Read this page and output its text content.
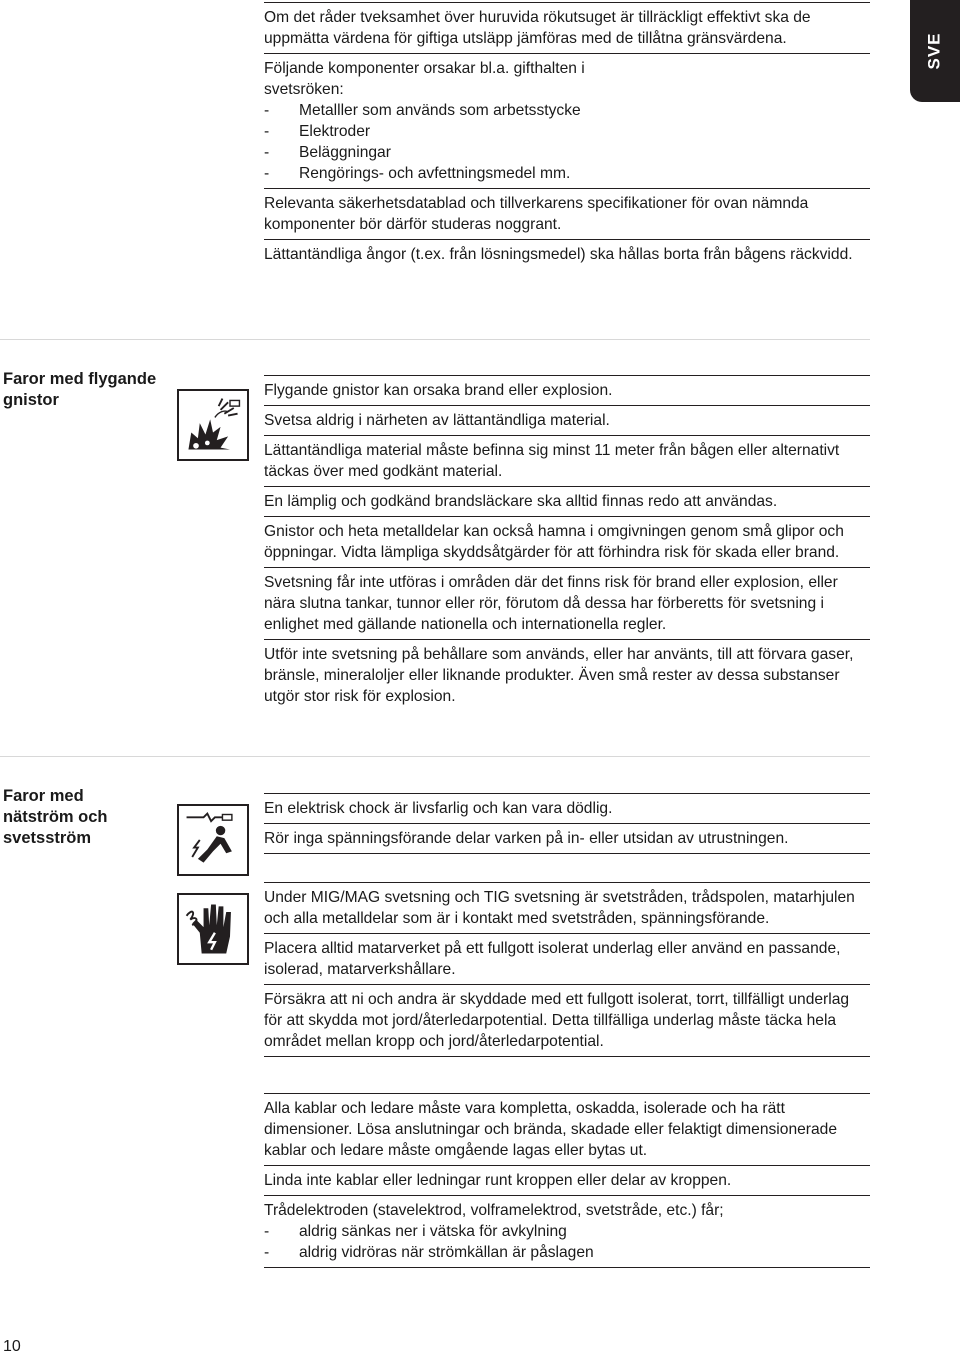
SVE

Om det råder tveksamhet över huruvida rökutsuget är tillräckligt effektivt ska de uppmätta värdena för giftiga utsläpp jämföras med de tillåtna gränsvärdena.

Följande komponenter orsakar bl.a. gifthalten i svetsröken:
- Metalller som används som arbetsstycke
- Elektroder
- Beläggningar
- Rengörings- och avfettningsmedel mm.

Relevanta säkerhetsdatablad och tillverkarens specifikationer för ovan nämnda komponenter bör därför studeras noggrant.

Lättantändliga ångor (t.ex. från lösningsmedel) ska hållas borta från bågens räckvidd.

Faror med flygande gnistor

Flygande gnistor kan orsaka brand eller explosion.

Svetsa aldrig i närheten av lättantändliga material.

Lättantändliga material måste befinna sig minst 11 meter från bågen eller alternativt täckas över med godkänt material.

En lämplig och godkänd brandsläckare ska alltid finnas redo att användas.

Gnistor och heta metalldelar kan också hamna i omgivningen genom små glipor och öppningar. Vidta lämpliga skyddsåtgärder för att förhindra risk för skada eller brand.

Svetsning får inte utföras i områden där det finns risk för brand eller explosion, eller nära slutna tankar, tunnor eller rör, förutom då dessa har förberetts för svetsning i enlighet med gällande nationella och internationella regler.

Utför inte svetsning på behållare som används, eller har använts, till att förvara gaser, bränsle, mineraloljer eller liknande produkter. Även små rester av dessa substanser utgör stor risk för explosion.

Faror med nätström och svetsström

En elektrisk chock är livsfarlig och kan vara dödlig.

Rör inga spänningsförande delar varken på in- eller utsidan av utrustningen.

Under MIG/MAG svetsning och TIG svetsning är svetstråden, trådspolen, matarhjulen och alla metalldelar som är i kontakt med svetstråden, spänningsförande.

Placera alltid matarverket på ett fullgott isolerat underlag eller använd en passande, isolerad, matarverkshållare.

Försäkra att ni och andra är skyddade med ett fullgott isolerat, torrt, tillfälligt underlag för att skydda mot jord/återledarpotential. Detta tillfälliga underlag måste täcka hela området mellan kropp och jord/återledarpotential.

Alla kablar och ledare måste vara kompletta, oskadda, isolerade och ha rätt dimensioner. Lösa anslutningar och brända, skadade eller felaktigt dimensionerade kablar och ledare måste omgående lagas eller bytas ut.

Linda inte kablar eller ledningar runt kroppen eller delar av kroppen.

Trådelektroden (stavelektrod, volframelektrod, svetstråde, etc.) får;
- aldrig sänkas ner i vätska för avkylning
- aldrig vidröras när strömkällan är påslagen
10
